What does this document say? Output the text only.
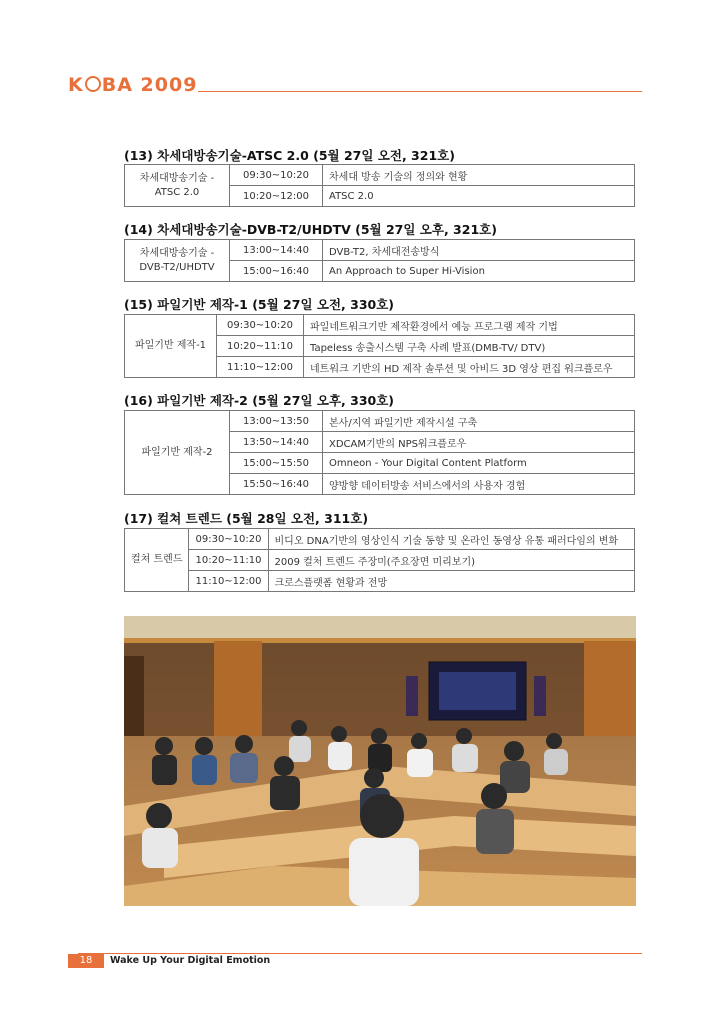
K BA 2009
(13) 차세대방송기술-ATSC 2.0 (5월 27일 오전, 321호)
차세대방송기술 -ATSC 2.0	09:30~10:20	차세대 방송 기술의 정의와 현황
	10:20~12:00	ATSC 2.0
(14) 차세대방송기술-DVB-T2/UHDTV (5월 27일 오후, 321호)
차세대방송기술 -DVB-T2/UHDTV	13:00~14:40	DVB-T2, 차세대전송방식
	15:00~16:40	An Approach to Super Hi-Vision
(15) 파일기반 제작-1 (5월 27일 오전, 330호)
파일기반 제작-1	09:30~10:20	파일네트워크기반 제작환경에서 예능 프로그램 제작 기법
	10:20~11:10	Tapeless 송출시스템 구축 사례 발표(DMB-TV/ DTV)
	11:10~12:00	네트워크 기반의 HD 제작 솔루션 및 아비드 3D 영상 편집 워크플로우
(16) 파일기반 제작-2 (5월 27일 오후, 330호)
파일기반 제작-2	13:00~13:50	본사/지역 파일기반 제작시설 구축
	13:50~14:40	XDCAM기반의 NPS워크플로우
	15:00~15:50	Omneon - Your Digital Content Platform
	15:50~16:40	양방향 데이터방송 서비스에서의 사용자 경험
(17) 컬쳐 트렌드 (5월 28일 오전, 311호)
컬쳐 트렌드	09:30~10:20	비디오 DNA기반의 영상인식 기술 동향 및 온라인 동영상 유통 패러다임의 변화
	10:20~11:10	2009 컬처 트렌드 주장미(주요장면 미리보기)
	11:10~12:00	크로스플랫폼 현황과 전망
18	Wake Up Your Digital Emotion
